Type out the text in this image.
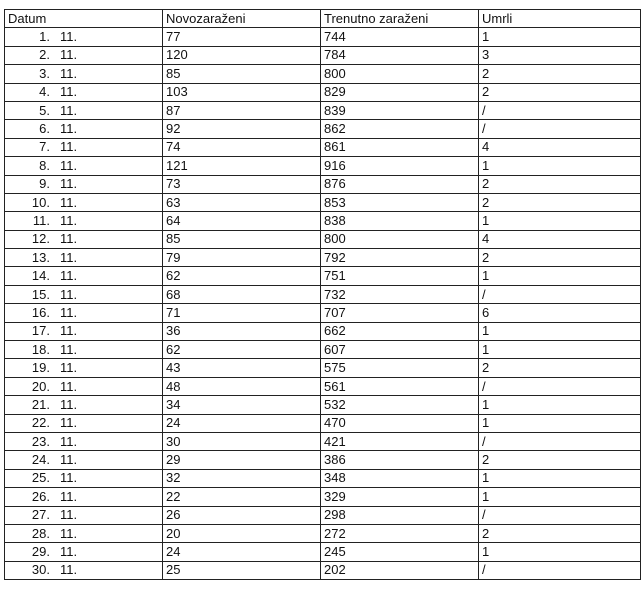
Datum	Novozaraženi	Trenutno zaraženi	Umrli
1. 11.	77	744	1
2. 11.	120	784	3
3. 11.	85	800	2
4. 11.	103	829	2
5. 11.	87	839	/
6. 11.	92	862	/
7. 11.	74	861	4
8. 11.	121	916	1
9. 11.	73	876	2
10. 11.	63	853	2
11. 11.	64	838	1
12. 11.	85	800	4
13. 11.	79	792	2
14. 11.	62	751	1
15. 11.	68	732	/
16. 11.	71	707	6
17. 11.	36	662	1
18. 11.	62	607	1
19. 11.	43	575	2
20. 11.	48	561	/
21. 11.	34	532	1
22. 11.	24	470	1
23. 11.	30	421	/
24. 11.	29	386	2
25. 11.	32	348	1
26. 11.	22	329	1
27. 11.	26	298	/
28. 11.	20	272	2
29. 11.	24	245	1
30. 11.	25	202	/
